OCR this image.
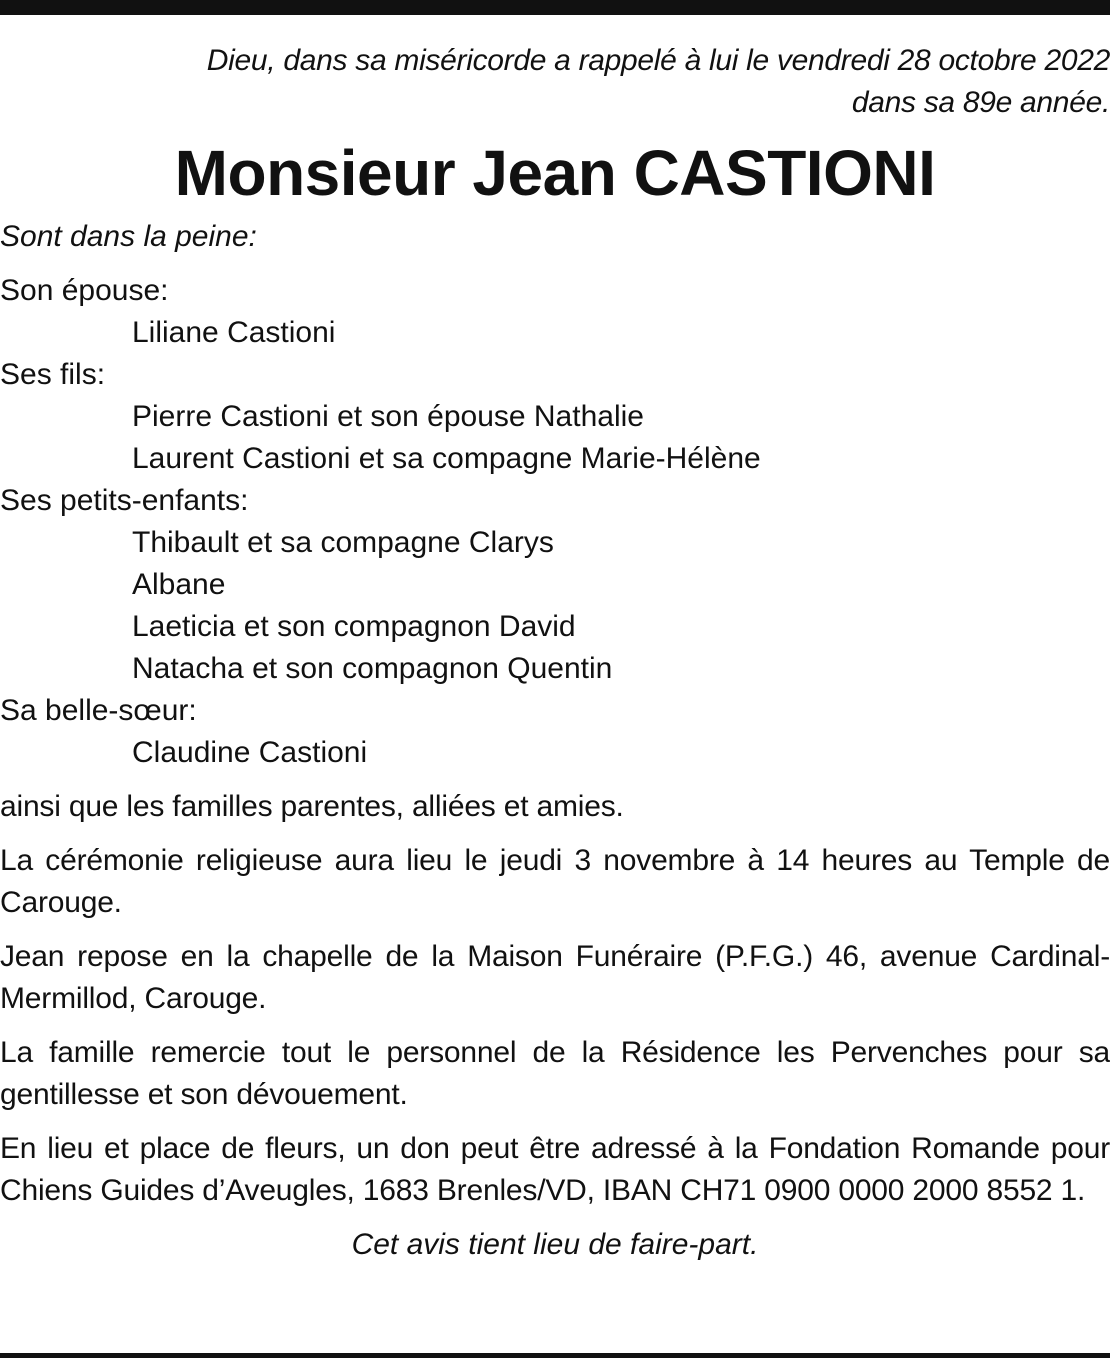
Dieu, dans sa miséricorde a rappelé à lui le vendredi 28 octobre 2022
dans sa 89e année.
Monsieur Jean CASTIONI
Sont dans la peine:
Son épouse:
Liliane Castioni
Ses fils:
Pierre Castioni et son épouse Nathalie
Laurent Castioni et sa compagne Marie-Hélène
Ses petits-enfants:
Thibault et sa compagne Clarys
Albane
Laeticia et son compagnon David
Natacha et son compagnon Quentin
Sa belle-sœur:
Claudine Castioni
ainsi que les familles parentes, alliées et amies.
La cérémonie religieuse aura lieu le jeudi 3 novembre à 14 heures au Temple de Carouge.
Jean repose en la chapelle de la Maison Funéraire (P.F.G.) 46, avenue Cardinal-Mermillod, Carouge.
La famille remercie tout le personnel de la Résidence les Pervenches pour sa gentillesse et son dévouement.
En lieu et place de fleurs, un don peut être adressé à la Fondation Romande pour Chiens Guides d’Aveugles, 1683 Brenles/VD, IBAN CH71 0900 0000 2000 8552 1.
Cet avis tient lieu de faire-part.
